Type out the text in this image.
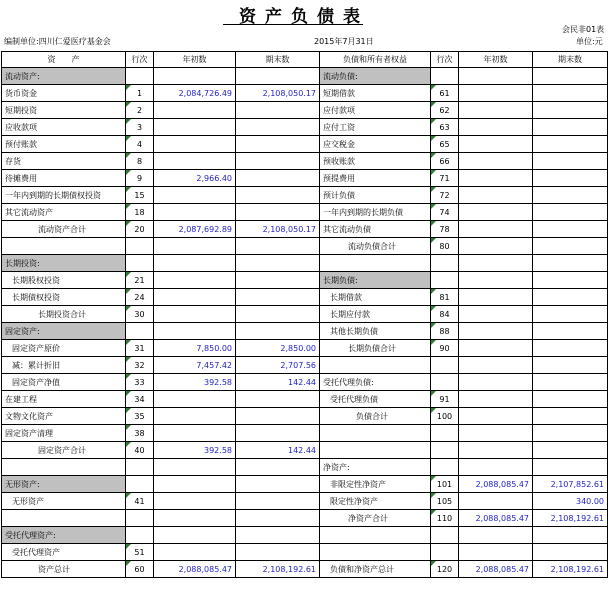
资产负债表
会民非01表
编制单位:四川仁爱医疗基金会	2015年7月31日	单位:元
资　　产	行次	年初数	期末数	负债和所有者权益	行次	年初数	期末数
流动资产:				流动负债:			
货币资金	1	2,084,726.49	2,108,050.17	短期借款	61		
短期投资	2			应付款项	62		
应收款项	3			应付工资	63		
预付账款	4			应交税金	65		
存货	8			预收账款	66		
待摊费用	9	2,966.40		预提费用	71		
一年内到期的长期债权投资	15			预计负债	72		
其它流动资产	18			一年内到期的长期负债	74		
流动资产合计	20	2,087,692.89	2,108,050.17	其它流动负债	78		
				流动负债合计	80		
长期投资:							
长期股权投资	21			长期负债:			
长期债权投资	24			长期借款	81		
长期投资合计	30			长期应付款	84		
固定资产:				其他长期负债	88		
固定资产原价	31	7,850.00	2,850.00	长期负债合计	90		
减：累计折旧	32	7,457.42	2,707.56				
固定资产净值	33	392.58	142.44	受托代理负债:			
在建工程	34			受托代理负债	91		
文物文化资产	35			负债合计	100		
固定资产清理	38						
固定资产合计	40	392.58	142.44				
				净资产:			
无形资产:				非限定性净资产	101	2,088,085.47	2,107,852.61
无形资产	41			限定性净资产	105		340.00
				净资产合计	110	2,088,085.47	2,108,192.61
受托代理资产:							
受托代理资产	51						
资产总计	60	2,088,085.47	2,108,192.61	负债和净资产总计	120	2,088,085.47	2,108,192.61
